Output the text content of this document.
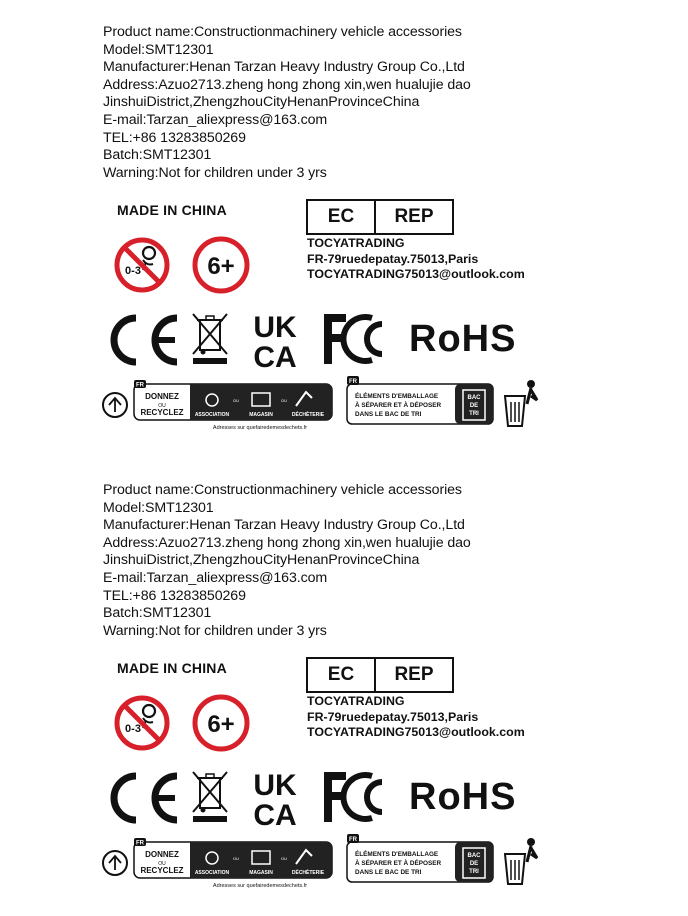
Product name:Constructionmachinery vehicle accessories
Model:SMT12301
Manufacturer:Henan Tarzan Heavy Industry Group Co.,Ltd
Address:Azuo2713.zheng hong zhong xin,wen hualujie dao
JinshuiDistrict,ZhengzhouCityHenanProvinceChina
E-mail:Tarzan_aliexpress@163.com
TEL:+86 13283850269
Batch:SMT12301
Warning:Not for children under 3 yrs
MADE IN CHINA	EC	REP
TOCYATRADING
FR-79ruedepatay.75013,Paris
TOCYATRADING75013@outlook.com
0-3	6+
UK
CA	RoHS
FR
DONNEZ
OU
RECYCLEZ ASSOCIATION
OU
MAGASIN
OU
DÉCHÈTERIE
Adresses sur quefairedemesdechets.fr
FR
ÉLÉMENTS D'EMBALLAGE
À SÉPARER ET À DÉPOSER
DANS LE BAC DE TRI
BAC
DE
TRI
Product name:Constructionmachinery vehicle accessories
Model:SMT12301
Manufacturer:Henan Tarzan Heavy Industry Group Co.,Ltd
Address:Azuo2713.zheng hong zhong xin,wen hualujie dao
JinshuiDistrict,ZhengzhouCityHenanProvinceChina
E-mail:Tarzan_aliexpress@163.com
TEL:+86 13283850269
Batch:SMT12301
Warning:Not for children under 3 yrs
MADE IN CHINA	EC	REP
TOCYATRADING
FR-79ruedepatay.75013,Paris
TOCYATRADING75013@outlook.com
0-3	6+
UK
CA	RoHS
FR
DONNEZ
OU
RECYCLEZ ASSOCIATION
OU
MAGASIN
OU
DÉCHÈTERIE
Adresses sur quefairedemesdechets.fr
FR
ÉLÉMENTS D'EMBALLAGE
À SÉPARER ET À DÉPOSER
DANS LE BAC DE TRI
BAC
DE
TRI
